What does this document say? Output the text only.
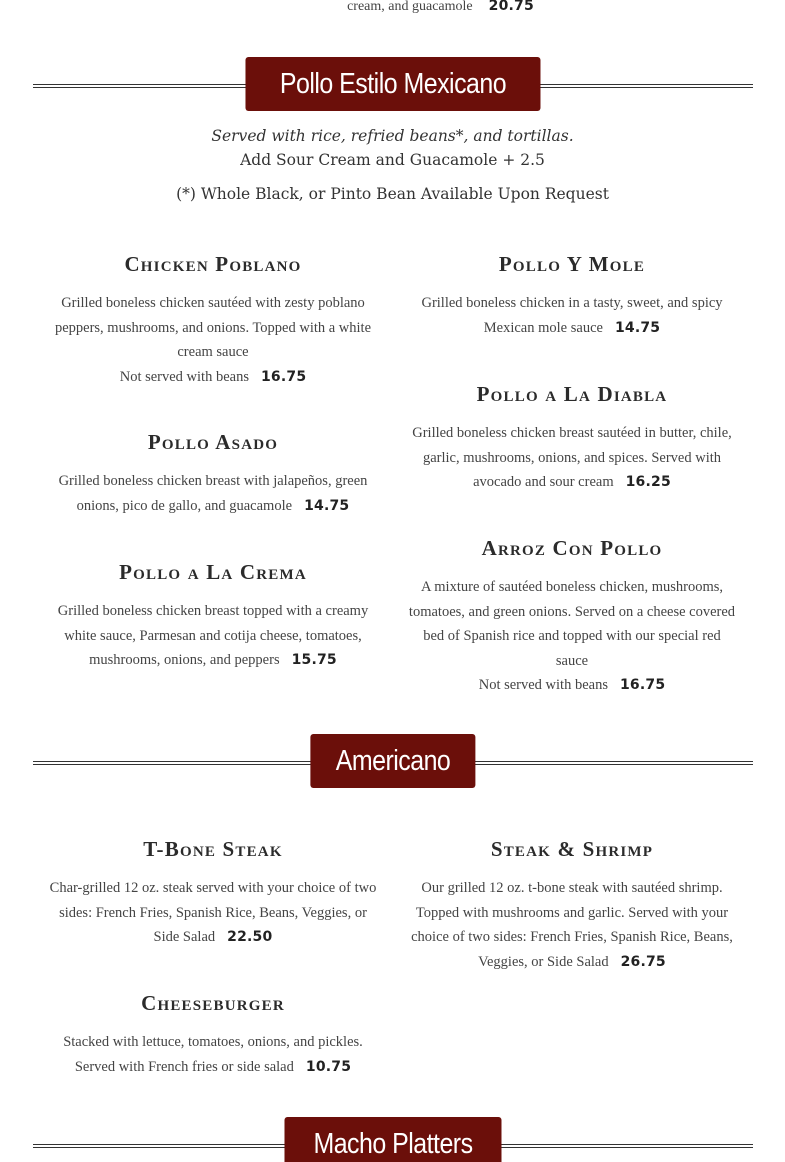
cream, and guacamole 20.75
Pollo Estilo Mexicano
Served with rice, refried beans*, and tortillas.
Add Sour Cream and Guacamole + 2.5
(*) Whole Black, or Pinto Bean Available Upon Request
Chicken Poblano
Grilled boneless chicken sautéed with zesty poblano peppers, mushrooms, and onions. Topped with a white cream sauce
Not served with beans 16.75
Pollo Asado
Grilled boneless chicken breast with jalapeños, green onions, pico de gallo, and guacamole 14.75
Pollo a La Crema
Grilled boneless chicken breast topped with a creamy white sauce, Parmesan and cotija cheese, tomatoes, mushrooms, onions, and peppers 15.75
Pollo Y Mole
Grilled boneless chicken in a tasty, sweet, and spicy Mexican mole sauce 14.75
Pollo a La Diabla
Grilled boneless chicken breast sautéed in butter, chile, garlic, mushrooms, onions, and spices. Served with avocado and sour cream 16.25
Arroz Con Pollo
A mixture of sautéed boneless chicken, mushrooms, tomatoes, and green onions. Served on a cheese covered bed of Spanish rice and topped with our special red sauce
Not served with beans 16.75
Americano
T-Bone Steak
Char-grilled 12 oz. steak served with your choice of two sides: French Fries, Spanish Rice, Beans, Veggies, or Side Salad 22.50
Cheeseburger
Stacked with lettuce, tomatoes, onions, and pickles. Served with French fries or side salad 10.75
Steak & Shrimp
Our grilled 12 oz. t-bone steak with sautéed shrimp. Topped with mushrooms and garlic. Served with your choice of two sides: French Fries, Spanish Rice, Beans, Veggies, or Side Salad 26.75
Macho Platters
